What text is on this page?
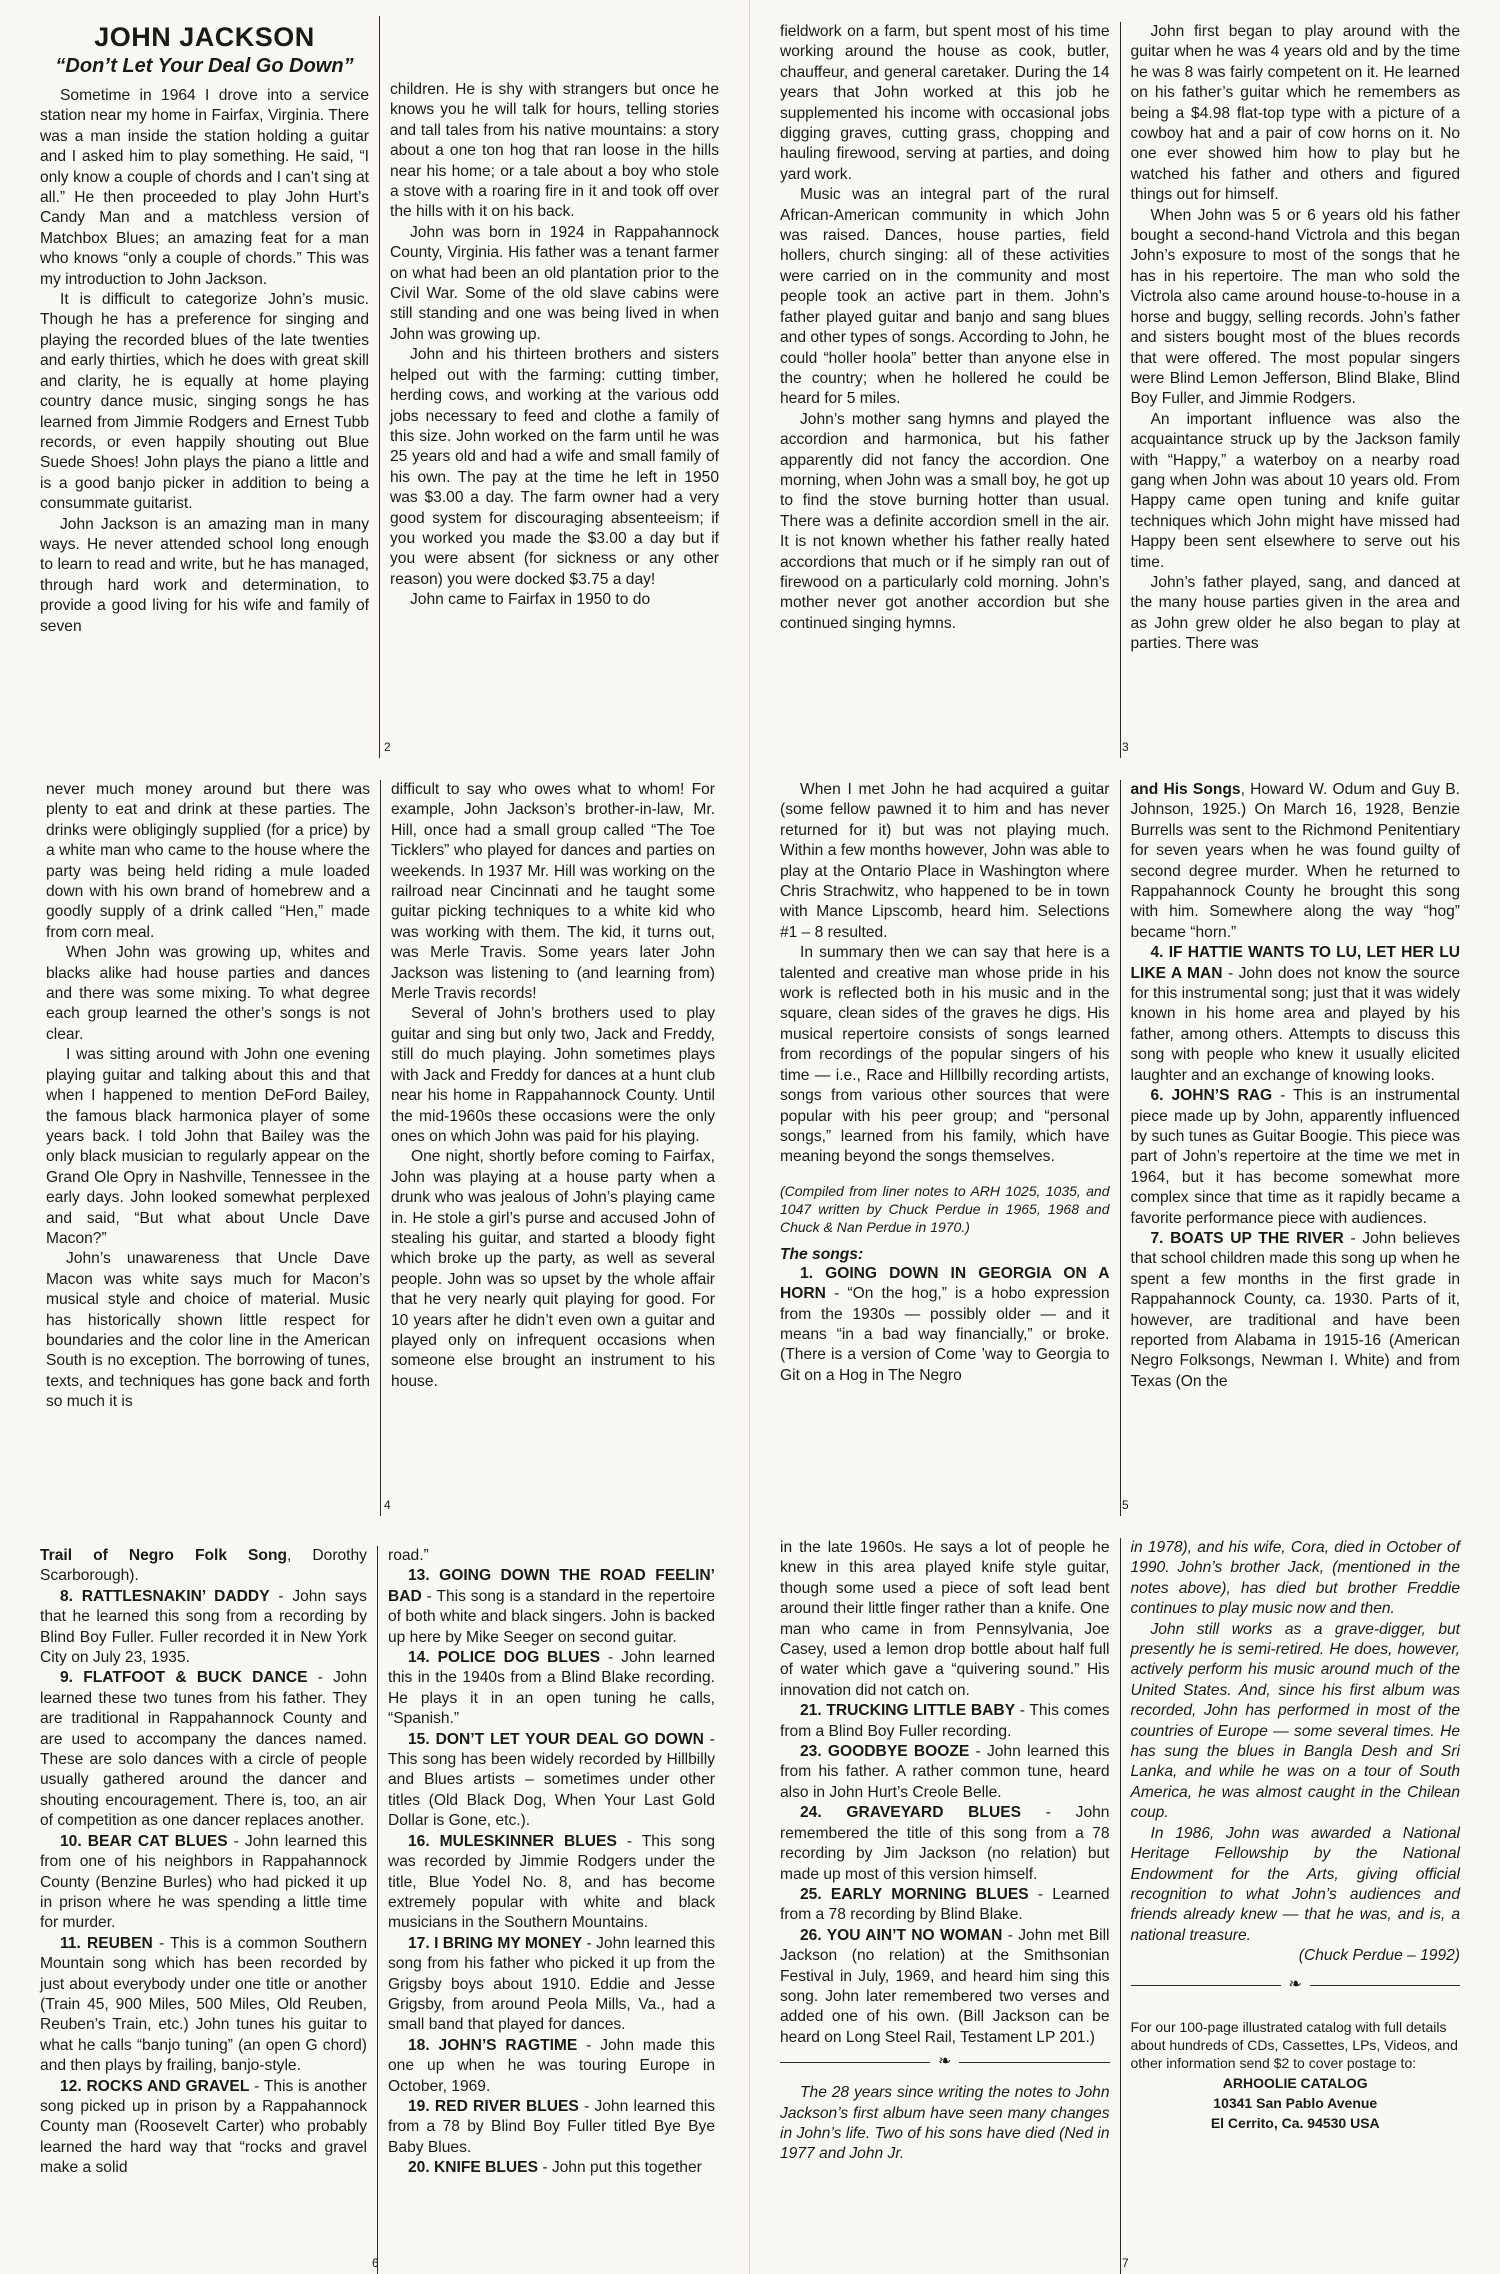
JOHN JACKSON
“Don’t Let Your Deal Go Down”

Sometime in 1964 I drove into a service station near my home in Fairfax, Virginia. There was a man inside the station holding a guitar and I asked him to play something. He said, “I only know a couple of chords and I can’t sing at all.” He then proceeded to play John Hurt’s Candy Man and a matchless version of Matchbox Blues; an amazing feat for a man who knows “only a couple of chords.” This was my introduction to John Jackson.

It is difficult to categorize John’s music. Though he has a preference for singing and playing the recorded blues of the late twenties and early thirties, which he does with great skill and clarity, he is equally at home playing country dance music, singing songs he has learned from Jimmie Rodgers and Ernest Tubb records, or even happily shouting out Blue Suede Shoes! John plays the piano a little and is a good banjo picker in addition to being a consummate guitarist.

John Jackson is an amazing man in many ways. He never attended school long enough to learn to read and write, but he has managed, through hard work and determination, to provide a good living for his wife and family of seven

children. He is shy with strangers but once he knows you he will talk for hours, telling stories and tall tales from his native mountains: a story about a one ton hog that ran loose in the hills near his home; or a tale about a boy who stole a stove with a roaring fire in it and took off over the hills with it on his back.

John was born in 1924 in Rappahannock County, Virginia. His father was a tenant farmer on what had been an old plantation prior to the Civil War. Some of the old slave cabins were still standing and one was being lived in when John was growing up.

John and his thirteen brothers and sisters helped out with the farming: cutting timber, herding cows, and working at the various odd jobs necessary to feed and clothe a family of this size. John worked on the farm until he was 25 years old and had a wife and small family of his own. The pay at the time he left in 1950 was $3.00 a day. The farm owner had a very good system for discouraging absenteeism; if you worked you made the $3.00 a day but if you were absent (for sickness or any other reason) you were docked $3.75 a day!

John came to Fairfax in 1950 to do

2

fieldwork on a farm, but spent most of his time working around the house as cook, butler, chauffeur, and general caretaker. During the 14 years that John worked at this job he supplemented his income with occasional jobs digging graves, cutting grass, chopping and hauling firewood, serving at parties, and doing yard work.

Music was an integral part of the rural African-American community in which John was raised. Dances, house parties, field hollers, church singing: all of these activities were carried on in the community and most people took an active part in them. John’s father played guitar and banjo and sang blues and other types of songs. According to John, he could “holler hoola” better than anyone else in the country; when he hollered he could be heard for 5 miles.

John’s mother sang hymns and played the accordion and harmonica, but his father apparently did not fancy the accordion. One morning, when John was a small boy, he got up to find the stove burning hotter than usual. There was a definite accordion smell in the air. It is not known whether his father really hated accordions that much or if he simply ran out of firewood on a particularly cold morning. John’s mother never got another accordion but she continued singing hymns.

John first began to play around with the guitar when he was 4 years old and by the time he was 8 was fairly competent on it. He learned on his father’s guitar which he remembers as being a $4.98 flat-top type with a picture of a cowboy hat and a pair of cow horns on it. No one ever showed him how to play but he watched his father and others and figured things out for himself.

When John was 5 or 6 years old his father bought a second-hand Victrola and this began John’s exposure to most of the songs that he has in his repertoire. The man who sold the Victrola also came around house-to-house in a horse and buggy, selling records. John’s father and sisters bought most of the blues records that were offered. The most popular singers were Blind Lemon Jefferson, Blind Blake, Blind Boy Fuller, and Jimmie Rodgers.

An important influence was also the acquaintance struck up by the Jackson family with “Happy,” a waterboy on a nearby road gang when John was about 10 years old. From Happy came open tuning and knife guitar techniques which John might have missed had Happy been sent elsewhere to serve out his time.

John’s father played, sang, and danced at the many house parties given in the area and as John grew older he also began to play at parties. There was

3

never much money around but there was plenty to eat and drink at these parties. The drinks were obligingly supplied (for a price) by a white man who came to the house where the party was being held riding a mule loaded down with his own brand of homebrew and a goodly supply of a drink called “Hen,” made from corn meal.

When John was growing up, whites and blacks alike had house parties and dances and there was some mixing. To what degree each group learned the other’s songs is not clear.

I was sitting around with John one evening playing guitar and talking about this and that when I happened to mention DeFord Bailey, the famous black harmonica player of some years back. I told John that Bailey was the only black musician to regularly appear on the Grand Ole Opry in Nashville, Tennessee in the early days. John looked somewhat perplexed and said, “But what about Uncle Dave Macon?”

John’s unawareness that Uncle Dave Macon was white says much for Macon’s musical style and choice of material. Music has historically shown little respect for boundaries and the color line in the American South is no exception. The borrowing of tunes, texts, and techniques has gone back and forth so much it is

difficult to say who owes what to whom! For example, John Jackson’s brother-in-law, Mr. Hill, once had a small group called “The Toe Ticklers” who played for dances and parties on weekends. In 1937 Mr. Hill was working on the railroad near Cincinnati and he taught some guitar picking techniques to a white kid who was working with them. The kid, it turns out, was Merle Travis. Some years later John Jackson was listening to (and learning from) Merle Travis records!

Several of John’s brothers used to play guitar and sing but only two, Jack and Freddy, still do much playing. John sometimes plays with Jack and Freddy for dances at a hunt club near his home in Rappahannock County. Until the mid-1960s these occasions were the only ones on which John was paid for his playing.

One night, shortly before coming to Fairfax, John was playing at a house party when a drunk who was jealous of John’s playing came in. He stole a girl’s purse and accused John of stealing his guitar, and started a bloody fight which broke up the party, as well as several people. John was so upset by the whole affair that he very nearly quit playing for good. For 10 years after he didn’t even own a guitar and played only on infrequent occasions when someone else brought an instrument to his house.

4

When I met John he had acquired a guitar (some fellow pawned it to him and has never returned for it) but was not playing much. Within a few months however, John was able to play at the Ontario Place in Washington where Chris Strachwitz, who happened to be in town with Mance Lipscomb, heard him. Selections #1 – 8 resulted.

In summary then we can say that here is a talented and creative man whose pride in his work is reflected both in his music and in the square, clean sides of the graves he digs. His musical repertoire consists of songs learned from recordings of the popular singers of his time — i.e., Race and Hillbilly recording artists, songs from various other sources that were popular with his peer group; and “personal songs,” learned from his family, which have meaning beyond the songs themselves.

(Compiled from liner notes to ARH 1025, 1035, and 1047 written by Chuck Perdue in 1965, 1968 and Chuck & Nan Perdue in 1970.)

The songs:

1. GOING DOWN IN GEORGIA ON A HORN - “On the hog,” is a hobo expression from the 1930s — possibly older — and it means “in a bad way financially,” or broke. (There is a version of Come ’way to Georgia to Git on a Hog in The Negro

and His Songs, Howard W. Odum and Guy B. Johnson, 1925.) On March 16, 1928, Benzie Burrells was sent to the Richmond Penitentiary for seven years when he was found guilty of second degree murder. When he returned to Rappahannock County he brought this song with him. Somewhere along the way “hog” became “horn.”

4. IF HATTIE WANTS TO LU, LET HER LU LIKE A MAN - John does not know the source for this instrumental song; just that it was widely known in his home area and played by his father, among others. Attempts to discuss this song with people who knew it usually elicited laughter and an exchange of knowing looks.

6. JOHN’S RAG - This is an instrumental piece made up by John, apparently influenced by such tunes as Guitar Boogie. This piece was part of John’s repertoire at the time we met in 1964, but it has become somewhat more complex since that time as it rapidly became a favorite performance piece with audiences.

7. BOATS UP THE RIVER - John believes that school children made this song up when he spent a few months in the first grade in Rappahannock County, ca. 1930. Parts of it, however, are traditional and have been reported from Alabama in 1915-16 (American Negro Folksongs, Newman I. White) and from Texas (On the

5

Trail of Negro Folk Song, Dorothy Scarborough).

8. RATTLESNAKIN’ DADDY - John says that he learned this song from a recording by Blind Boy Fuller. Fuller recorded it in New York City on July 23, 1935.

9. FLATFOOT & BUCK DANCE - John learned these two tunes from his father. They are traditional in Rappahannock County and are used to accompany the dances named. These are solo dances with a circle of people usually gathered around the dancer and shouting encouragement. There is, too, an air of competition as one dancer replaces another.

10. BEAR CAT BLUES - John learned this from one of his neighbors in Rappahannock County (Benzine Burles) who had picked it up in prison where he was spending a little time for murder.

11. REUBEN - This is a common Southern Mountain song which has been recorded by just about everybody under one title or another (Train 45, 900 Miles, 500 Miles, Old Reuben, Reuben’s Train, etc.) John tunes his guitar to what he calls “banjo tuning” (an open G chord) and then plays by frailing, banjo-style.

12. ROCKS AND GRAVEL - This is another song picked up in prison by a Rappahannock County man (Roosevelt Carter) who probably learned the hard way that “rocks and gravel make a solid

road.”

13. GOING DOWN THE ROAD FEELIN’ BAD - This song is a standard in the repertoire of both white and black singers. John is backed up here by Mike Seeger on second guitar.

14. POLICE DOG BLUES - John learned this in the 1940s from a Blind Blake recording. He plays it in an open tuning he calls, “Spanish.”

15. DON’T LET YOUR DEAL GO DOWN - This song has been widely recorded by Hillbilly and Blues artists – sometimes under other titles (Old Black Dog, When Your Last Gold Dollar is Gone, etc.).

16. MULESKINNER BLUES - This song was recorded by Jimmie Rodgers under the title, Blue Yodel No. 8, and has become extremely popular with white and black musicians in the Southern Mountains.

17. I BRING MY MONEY - John learned this song from his father who picked it up from the Grigsby boys about 1910. Eddie and Jesse Grigsby, from around Peola Mills, Va., had a small band that played for dances.

18. JOHN’S RAGTIME - John made this one up when he was touring Europe in October, 1969.

19. RED RIVER BLUES - John learned this from a 78 by Blind Boy Fuller titled Bye Bye Baby Blues.

20. KNIFE BLUES - John put this together

6

in the late 1960s. He says a lot of people he knew in this area played knife style guitar, though some used a piece of soft lead bent around their little finger rather than a knife. One man who came in from Pennsylvania, Joe Casey, used a lemon drop bottle about half full of water which gave a “quivering sound.” His innovation did not catch on.

21. TRUCKING LITTLE BABY - This comes from a Blind Boy Fuller recording.

23. GOODBYE BOOZE - John learned this from his father. A rather common tune, heard also in John Hurt’s Creole Belle.

24. GRAVEYARD BLUES - John remembered the title of this song from a 78 recording by Jim Jackson (no relation) but made up most of this version himself.

25. EARLY MORNING BLUES - Learned from a 78 recording by Blind Blake.

26. YOU AIN’T NO WOMAN - John met Bill Jackson (no relation) at the Smithsonian Festival in July, 1969, and heard him sing this song. John later remembered two verses and added one of his own. (Bill Jackson can be heard on Long Steel Rail, Testament LP 201.)

❧

The 28 years since writing the notes to John Jackson’s first album have seen many changes in John’s life. Two of his sons have died (Ned in 1977 and John Jr.

in 1978), and his wife, Cora, died in October of 1990. John’s brother Jack, (mentioned in the notes above), has died but brother Freddie continues to play music now and then.

John still works as a grave-digger, but presently he is semi-retired. He does, however, actively perform his music around much of the United States. And, since his first album was recorded, John has performed in most of the countries of Europe — some several times. He has sung the blues in Bangla Desh and Sri Lanka, and while he was on a tour of South America, he was almost caught in the Chilean coup.

In 1986, John was awarded a National Heritage Fellowship by the National Endowment for the Arts, giving official recognition to what John’s audiences and friends already knew — that he was, and is, a national treasure.

(Chuck Perdue – 1992)

❧

For our 100-page illustrated catalog with full details about hundreds of CDs, Cassettes, LPs, Videos, and other information send $2 to cover postage to:

ARHOOLIE CATALOG
10341 San Pablo Avenue
El Cerrito, Ca. 94530 USA
7
